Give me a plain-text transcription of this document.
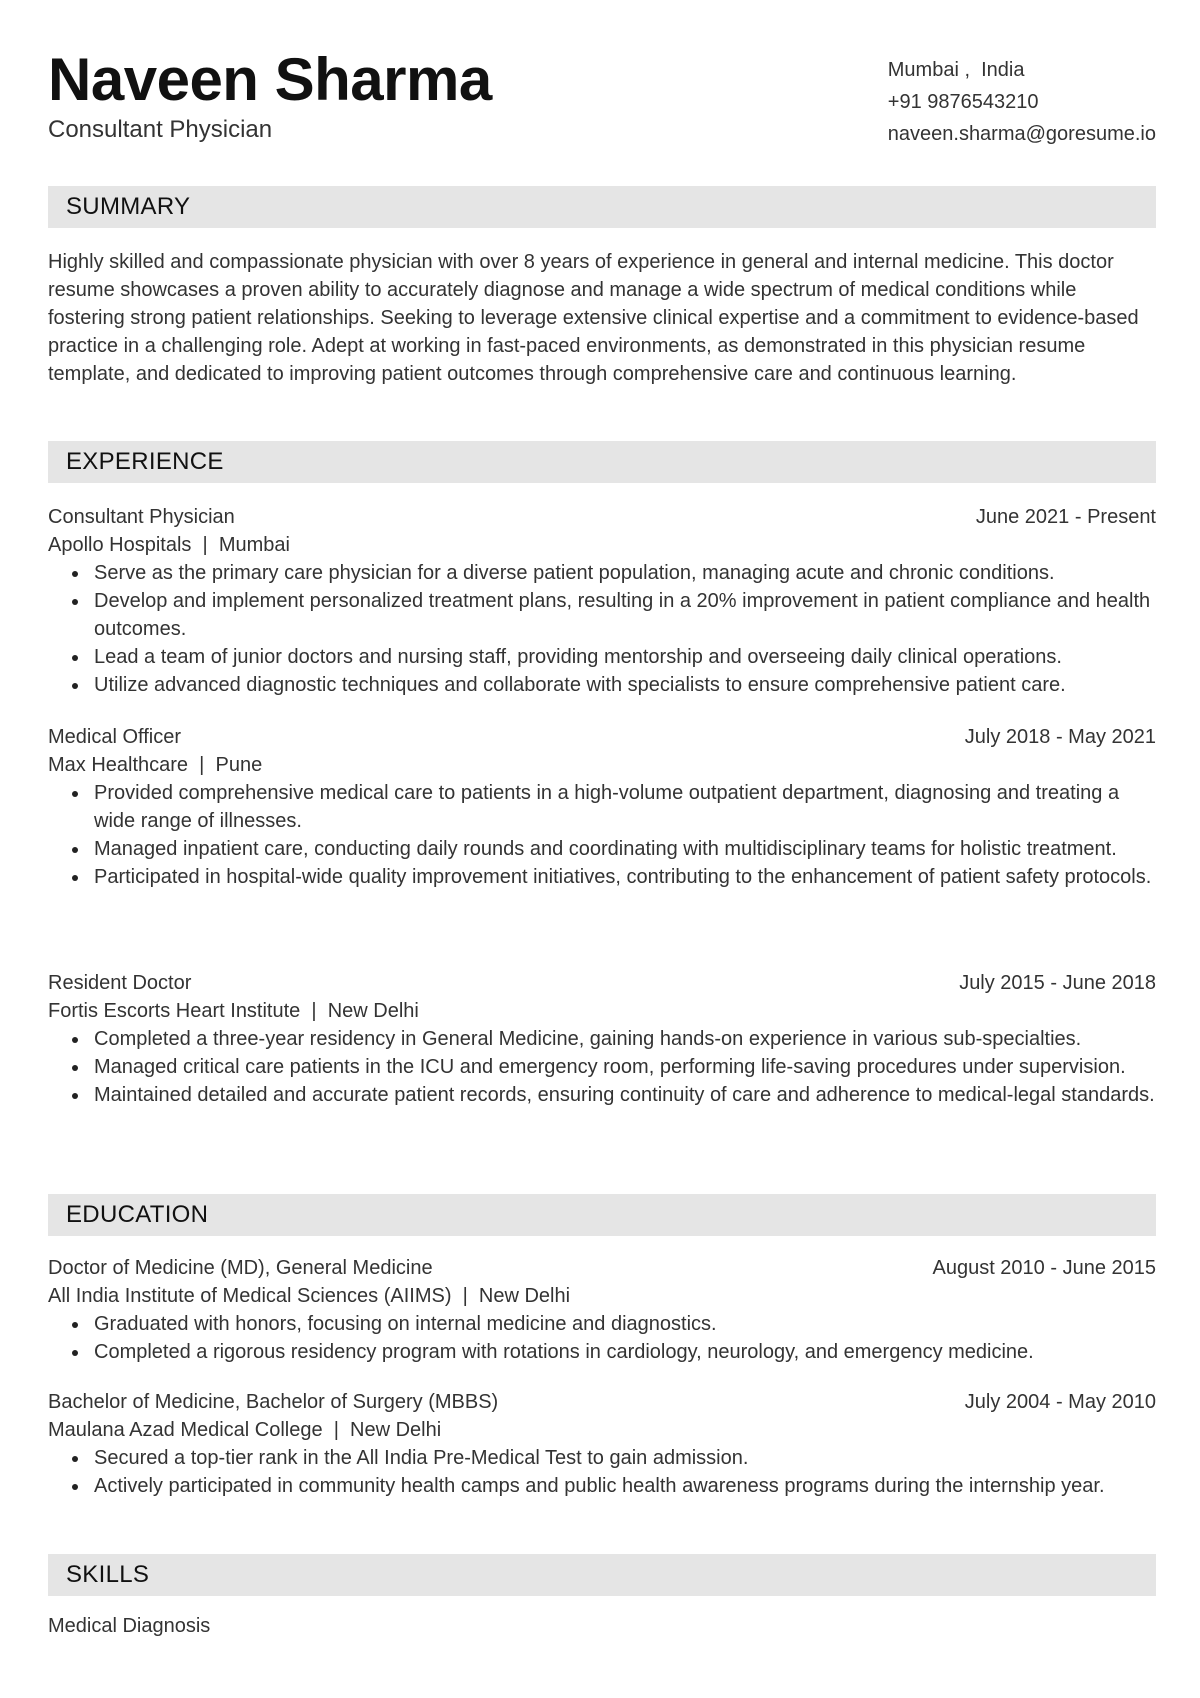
Naveen Sharma
Consultant Physician
Mumbai ,  India
+91 9876543210
naveen.sharma@goresume.io
SUMMARY
Highly skilled and compassionate physician with over 8 years of experience in general and internal medicine. This doctor resume showcases a proven ability to accurately diagnose and manage a wide spectrum of medical conditions while fostering strong patient relationships. Seeking to leverage extensive clinical expertise and a commitment to evidence-based practice in a challenging role. Adept at working in fast-paced environments, as demonstrated in this physician resume template, and dedicated to improving patient outcomes through comprehensive care and continuous learning.
EXPERIENCE
Consultant Physician	June 2021 - Present
Apollo Hospitals  |  Mumbai
Serve as the primary care physician for a diverse patient population, managing acute and chronic conditions.
Develop and implement personalized treatment plans, resulting in a 20% improvement in patient compliance and health outcomes.
Lead a team of junior doctors and nursing staff, providing mentorship and overseeing daily clinical operations.
Utilize advanced diagnostic techniques and collaborate with specialists to ensure comprehensive patient care.
Medical Officer	July 2018 - May 2021
Max Healthcare  |  Pune
Provided comprehensive medical care to patients in a high-volume outpatient department, diagnosing and treating a wide range of illnesses.
Managed inpatient care, conducting daily rounds and coordinating with multidisciplinary teams for holistic treatment.
Participated in hospital-wide quality improvement initiatives, contributing to the enhancement of patient safety protocols.
Resident Doctor	July 2015 - June 2018
Fortis Escorts Heart Institute  |  New Delhi
Completed a three-year residency in General Medicine, gaining hands-on experience in various sub-specialties.
Managed critical care patients in the ICU and emergency room, performing life-saving procedures under supervision.
Maintained detailed and accurate patient records, ensuring continuity of care and adherence to medical-legal standards.
EDUCATION
Doctor of Medicine (MD), General Medicine	August 2010 - June 2015
All India Institute of Medical Sciences (AIIMS)  |  New Delhi
Graduated with honors, focusing on internal medicine and diagnostics.
Completed a rigorous residency program with rotations in cardiology, neurology, and emergency medicine.
Bachelor of Medicine, Bachelor of Surgery (MBBS)	July 2004 - May 2010
Maulana Azad Medical College  |  New Delhi
Secured a top-tier rank in the All India Pre-Medical Test to gain admission.
Actively participated in community health camps and public health awareness programs during the internship year.
SKILLS
Medical Diagnosis
